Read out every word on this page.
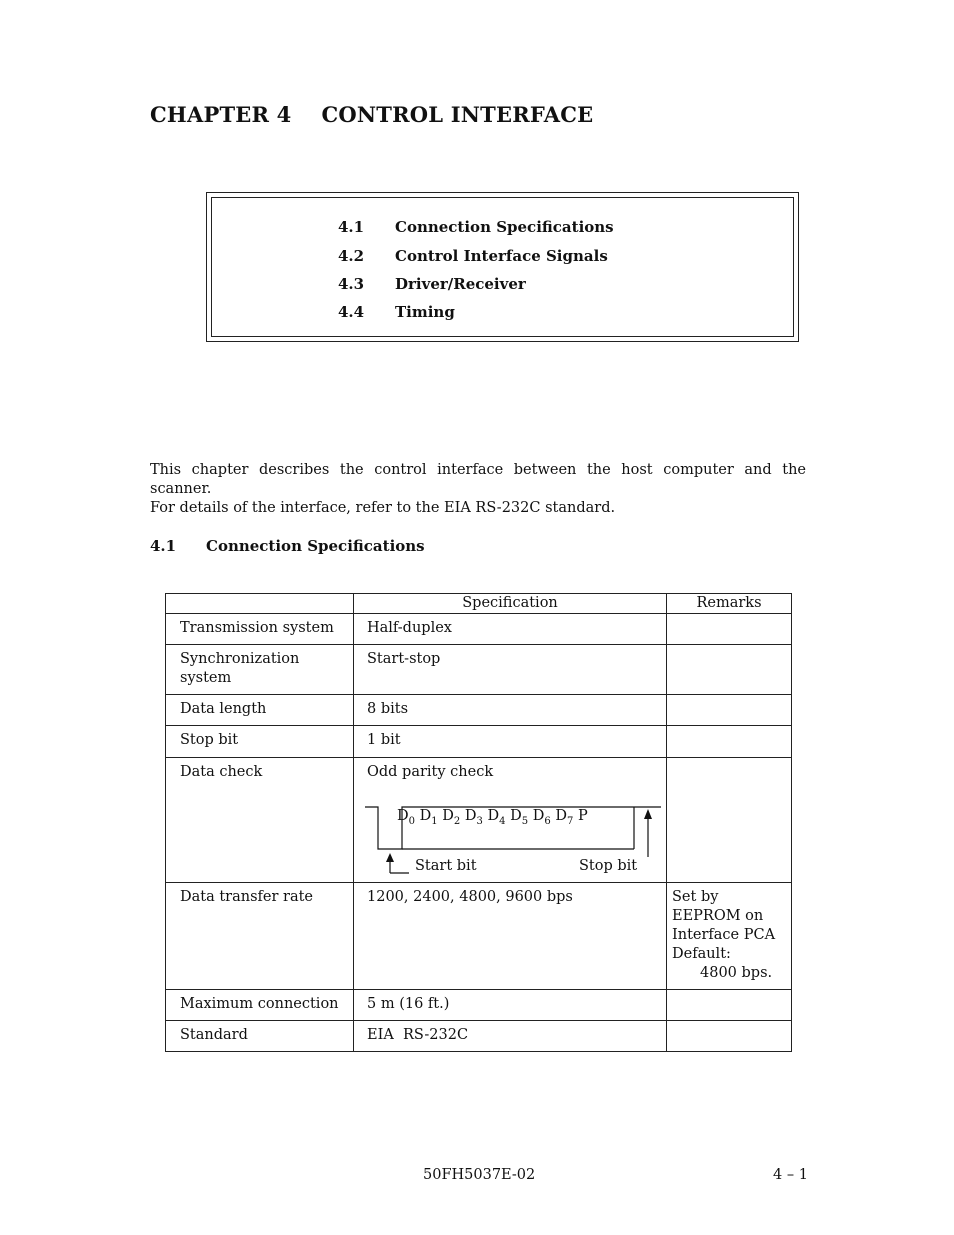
CHAPTER 4    CONTROL INTERFACE
4.1 Connection Specifications
4.2 Control Interface Signals
4.3 Driver/Receiver
4.4 Timing
This chapter describes the control interface between the host computer and the scanner.
For details of the interface, refer to the EIA RS-232C standard.
4.1 Connection Specifications
	Specification	Remarks

Transmission system	Half-duplex	

Synchronization system	Start-stop	

Data length	8 bits	

Stop bit	1 bit	

Data check	Odd parity check
$D_0$ $D_1$ $D_2$ $D_3$ $D_4$ $D_5$ $D_6$ $D_7$ P
Start bit Stop bit	

Data transfer rate	1200, 2400, 4800, 9600 bps	Set by
EEPROM on
Interface PCA
Default:
4800 bps.

Maximum connection	5 m (16 ft.)	

Standard	EIA  RS-232C	

50FH5037E-02	4 – 1
